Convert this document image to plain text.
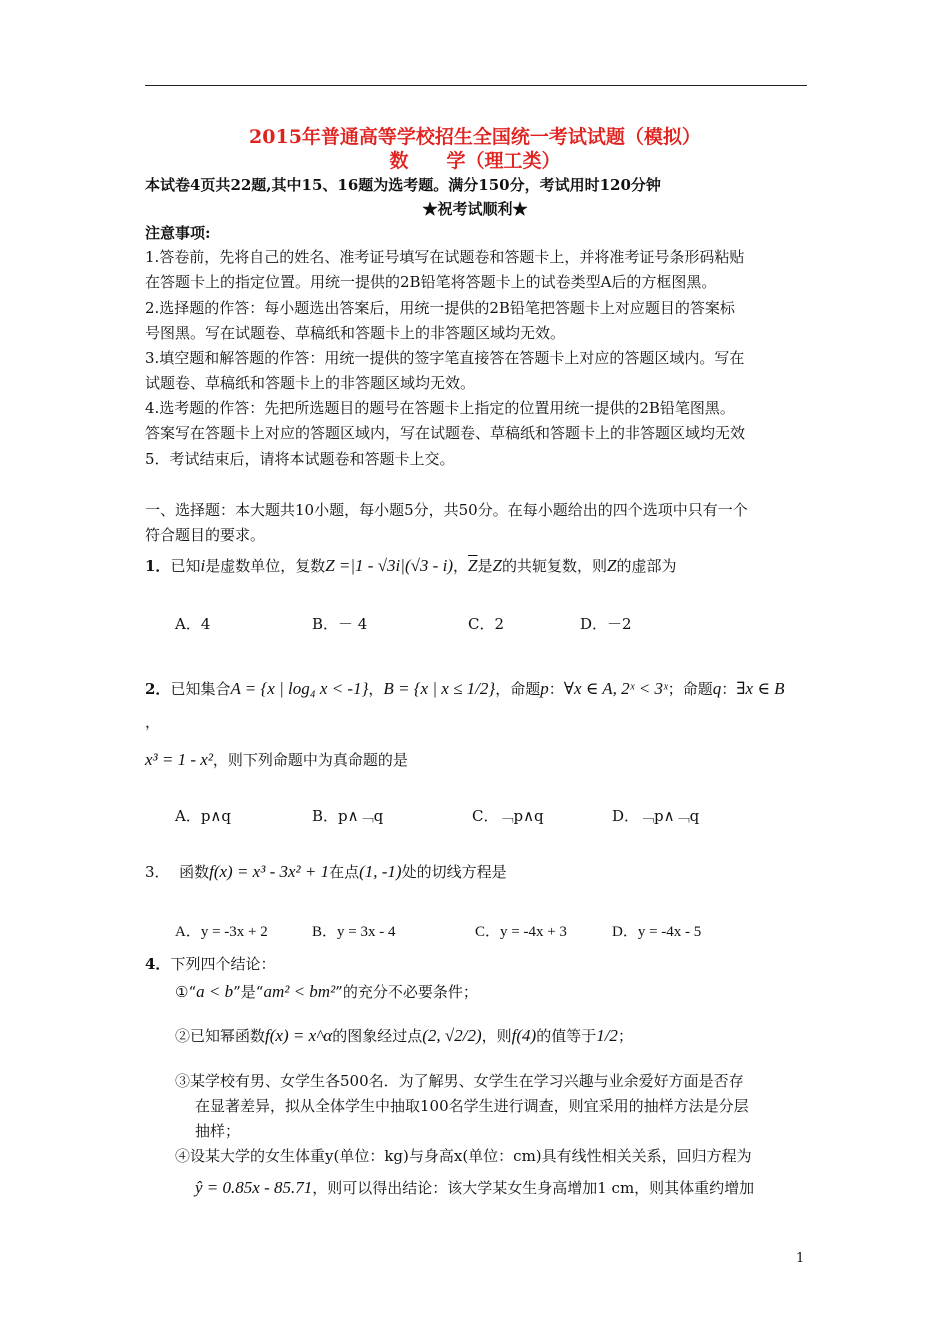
2015年普通高等学校招生全国统一考试试题（模拟）
数　　学（理工类）
本试卷4页共22题,其中15、16题为选考题。满分150分，考试用时120分钟
★祝考试顺利★
注意事项:
1.答卷前，先将自己的姓名、准考证号填写在试题卷和答题卡上，并将准考证号条形码粘贴
在答题卡上的指定位置。用统一提供的2B铅笔将答题卡上的试卷类型A后的方框图黑。
2.选择题的作答：每小题选出答案后，用统一提供的2B铅笔把答题卡上对应题目的答案标
号图黑。写在试题卷、草稿纸和答题卡上的非答题区域均无效。
3.填空题和解答题的作答：用统一提供的签字笔直接答在答题卡上对应的答题区域内。写在
试题卷、草稿纸和答题卡上的非答题区域均无效。
4.选考题的作答：先把所选题目的题号在答题卡上指定的位置用统一提供的2B铅笔图黑。
答案写在答题卡上对应的答题区域内，写在试题卷、草稿纸和答题卡上的非答题区域均无效
5．考试结束后，请将本试题卷和答题卡上交。
一、选择题：本大题共10小题，每小题5分，共50分。在每小题给出的四个选项中只有一个
符合题目的要求。
1．已知i是虚数单位，复数Z =|1 - √3i|(√3 - i)，$\overline{Z}$是Z的共轭复数，则Z的虚部为
A．4	B．－ 4	C．2	D．－2
2．已知集合A = {x | log₄ x < -1}，B = {x | x ≤ 1/2}，命题p：∀x ∈ A, 2ˣ < 3ˣ；命题q：∃x ∈ B
，
x³ = 1 - x²，则下列命题中为真命题的是
A．p∧q	B．p∧﹁q	C．﹁p∧q	D．﹁p∧﹁q
3． 函数f(x) = x³ - 3x² + 1在点(1, -1)处的切线方程是
A．y = -3x + 2	B．y = 3x - 4	C．y = -4x + 3	D．y = -4x - 5
4．下列四个结论：
①“a < b”是“am² < bm²”的充分不必要条件；
②已知幂函数f(x) = x^α的图象经过点(2, √2/2)，则f(4)的值等于1/2；
③某学校有男、女学生各500名．为了解男、女学生在学习兴趣与业余爱好方面是否存
在显著差异，拟从全体学生中抽取100名学生进行调查，则宜采用的抽样方法是分层
抽样；
④设某大学的女生体重y(单位：kg)与身高x(单位：cm)具有线性相关关系，回归方程为
ŷ = 0.85x - 85.71，则可以得出结论：该大学某女生身高增加1 cm，则其体重约增加
1
